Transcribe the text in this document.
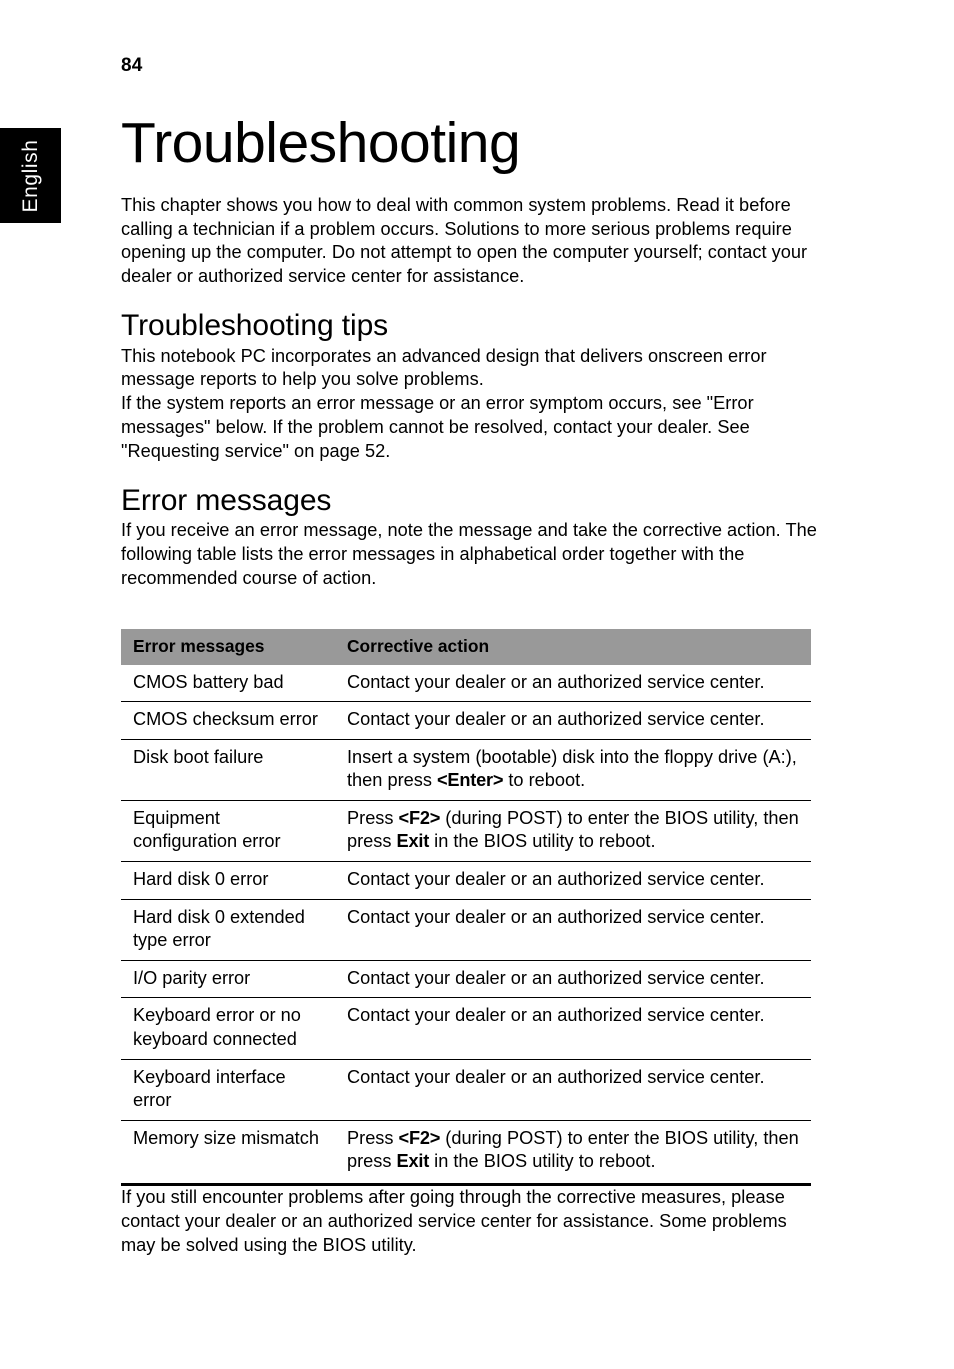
English
84
Troubleshooting

This chapter shows you how to deal with common system problems. Read it before calling a technician if a problem occurs. Solutions to more serious problems require opening up the computer. Do not attempt to open the computer yourself; contact your dealer or authorized service center for assistance.

Troubleshooting tips

This notebook PC incorporates an advanced design that delivers onscreen error message reports to help you solve problems.

If the system reports an error message or an error symptom occurs, see "Error messages" below. If the problem cannot be resolved, contact your dealer. See "Requesting service" on page 52.

Error messages

If you receive an error message, note the message and take the corrective action. The following table lists the error messages in alphabetical order together with the recommended course of action.

Error messages	Corrective action
CMOS battery bad	Contact your dealer or an authorized service center.
CMOS checksum error	Contact your dealer or an authorized service center.
Disk boot failure	Insert a system (bootable) disk into the floppy drive (A:), then press <Enter> to reboot.
Equipment configuration error	Press <F2> (during POST) to enter the BIOS utility, then press Exit in the BIOS utility to reboot.
Hard disk 0 error	Contact your dealer or an authorized service center.
Hard disk 0 extended type error	Contact your dealer or an authorized service center.
I/O parity error	Contact your dealer or an authorized service center.
Keyboard error or no keyboard connected	Contact your dealer or an authorized service center.
Keyboard interface error	Contact your dealer or an authorized service center.
Memory size mismatch	Press <F2> (during POST) to enter the BIOS utility, then press Exit in the BIOS utility to reboot.

If you still encounter problems after going through the corrective measures, please contact your dealer or an authorized service center for assistance. Some problems may be solved using the BIOS utility.
